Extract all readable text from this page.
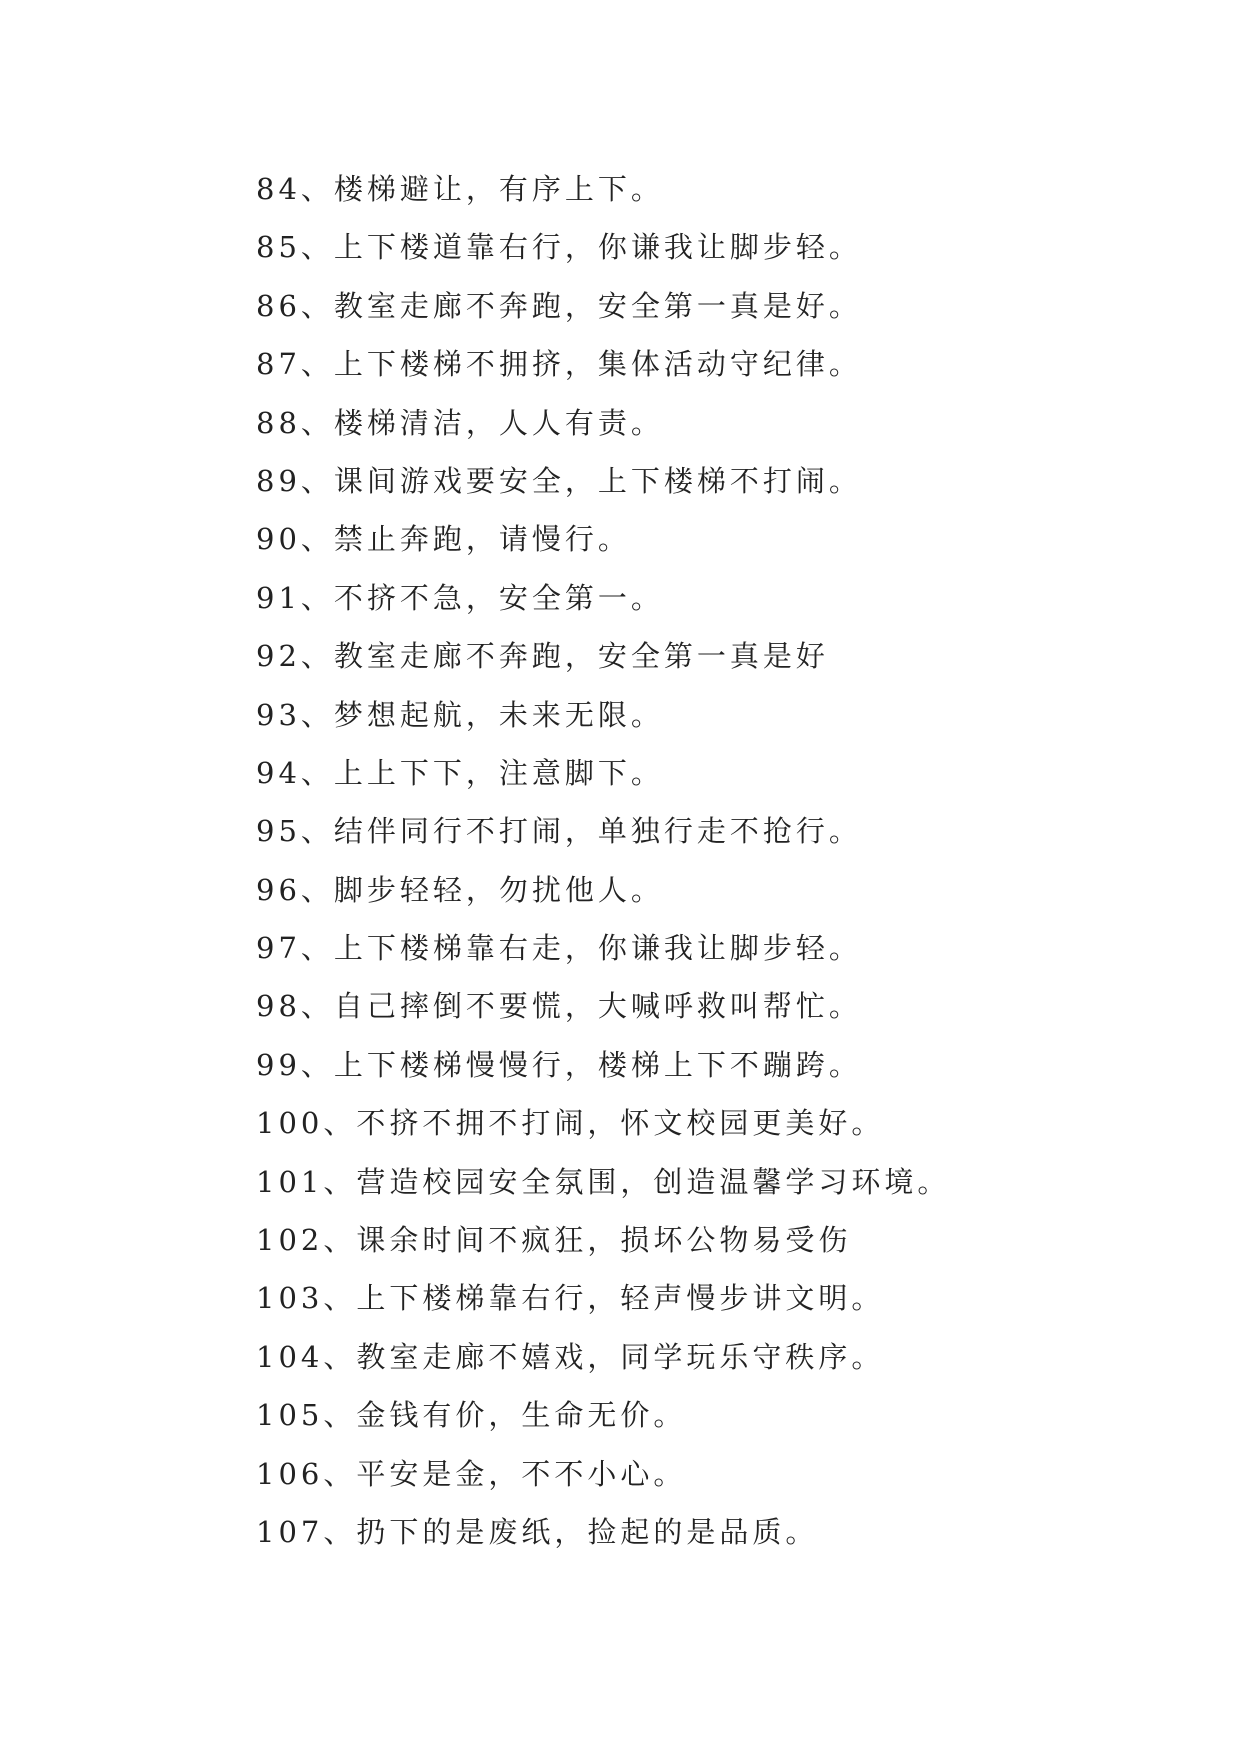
84、楼梯避让，有序上下。
85、上下楼道靠右行，你谦我让脚步轻。
86、教室走廊不奔跑，安全第一真是好。
87、上下楼梯不拥挤，集体活动守纪律。
88、楼梯清洁，人人有责。
89、课间游戏要安全，上下楼梯不打闹。
90、禁止奔跑，请慢行。
91、不挤不急，安全第一。
92、教室走廊不奔跑，安全第一真是好
93、梦想起航，未来无限。
94、上上下下，注意脚下。
95、结伴同行不打闹，单独行走不抢行。
96、脚步轻轻，勿扰他人。
97、上下楼梯靠右走，你谦我让脚步轻。
98、自己摔倒不要慌，大喊呼救叫帮忙。
99、上下楼梯慢慢行，楼梯上下不蹦跨。
100、不挤不拥不打闹，怀文校园更美好。
101、营造校园安全氛围，创造温馨学习环境。
102、课余时间不疯狂，损坏公物易受伤
103、上下楼梯靠右行，轻声慢步讲文明。
104、教室走廊不嬉戏，同学玩乐守秩序。
105、金钱有价，生命无价。
106、平安是金，不不小心。
107、扔下的是废纸，捡起的是品质。
